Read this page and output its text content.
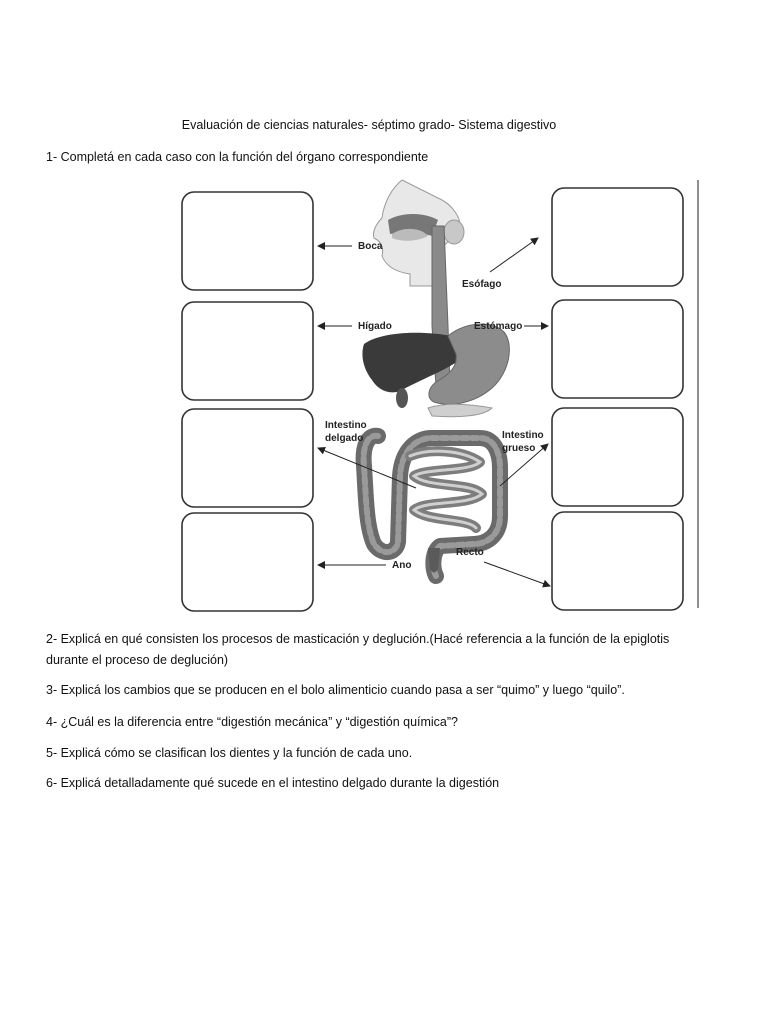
Evaluación de ciencias naturales- séptimo grado- Sistema digestivo
1- Completá en cada caso con la función del órgano correspondiente
Boca
Esófago
Hígado	Estómago
Intestino
delgado	Intestino
grueso
Recto
Ano
2- Explicá en qué consisten los procesos de masticación y deglución.(Hacé referencia a la función de la epiglotis
durante el proceso de deglución)
3- Explicá los cambios que se producen en el bolo alimenticio cuando pasa a ser “quimo” y luego “quilo”.
4- ¿Cuál es la diferencia entre “digestión mecánica” y “digestión química”?
5- Explicá cómo se clasifican los dientes y la función de cada uno.
6- Explicá detalladamente qué sucede en el intestino delgado durante la digestión
